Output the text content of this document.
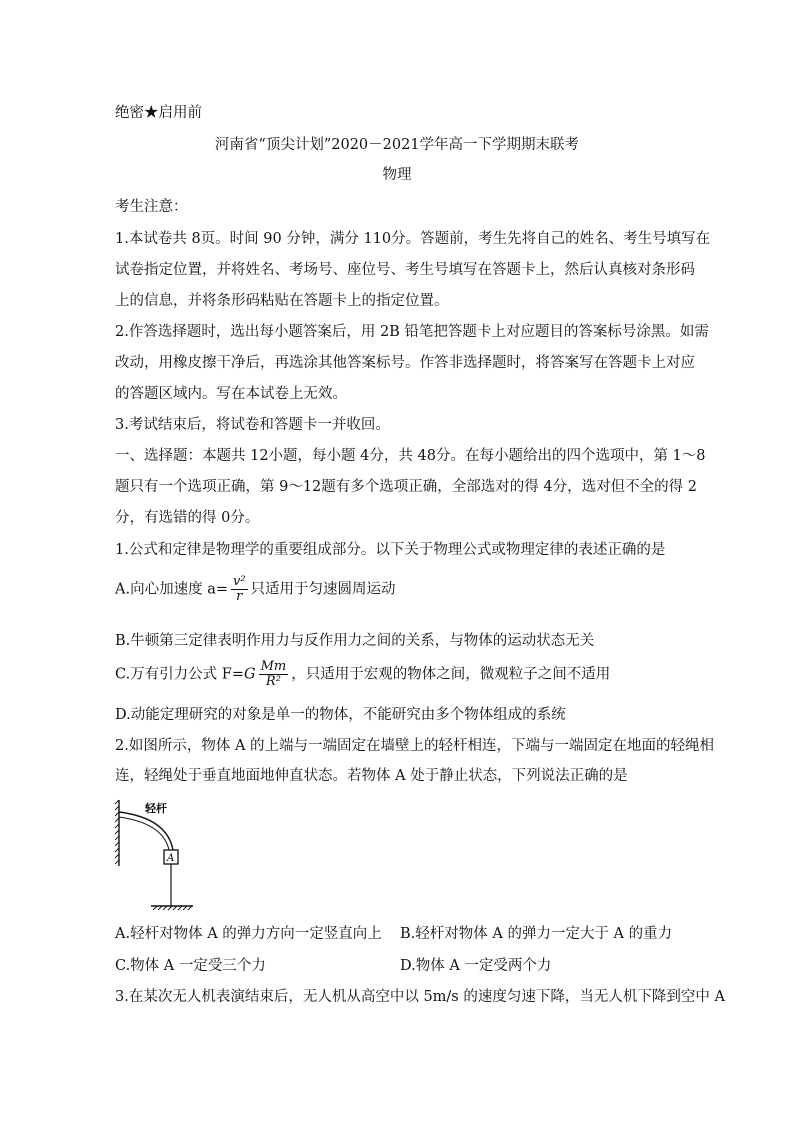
绝密★启用前
河南省“顶尖计划”2020－2021学年高一下学期期末联考
物理
考生注意：
1.本试卷共 8页。时间 90 分钟，满分 110分。答题前，考生先将自己的姓名、考生号填写在
试卷指定位置，并将姓名、考场号、座位号、考生号填写在答题卡上，然后认真核对条形码
上的信息，并将条形码粘贴在答题卡上的指定位置。
2.作答选择题时，选出每小题答案后，用 2B 铅笔把答题卡上对应题目的答案标号涂黑。如需
改动，用橡皮擦干净后，再选涂其他答案标号。作答非选择题时，将答案写在答题卡上对应
的答题区域内。写在本试卷上无效。
3.考试结束后，将试卷和答题卡一并收回。
一、选择题：本题共 12小题，每小题 4分，共 48分。在每小题给出的四个选项中，第 1～8
题只有一个选项正确，第 9～12题有多个选项正确，全部选对的得 4分，选对但不全的得 2
分，有选错的得 0分。
1.公式和定律是物理学的重要组成部分。以下关于物理公式或物理定律的表述正确的是
A.向心加速度 $a= \frac{\text{v²}}{r}$ 只适用于匀速圆周运动
B.牛顿第三定律表明作用力与反作用力之间的关系，与物体的运动状态无关
C.万有引力公式 $F=G \frac{Mm}{\text{R²}}$ ，只适用于宏观的物体之间，微观粒子之间不适用
D.动能定理研究的对象是单一的物体，不能研究由多个物体组成的系统
2.如图所示，物体 A 的上端与一端固定在墙壁上的轻杆相连，下端与一端固定在地面的轻绳相
连，轻绳处于垂直地面地伸直状态。若物体 A 处于静止状态，下列说法正确的是
轻杆
A
A.轻杆对物体 A 的弹力方向一定竖直向上 B.轻杆对物体 A 的弹力一定大于 A 的重力
C.物体 A 一定受三个力	D.物体 A 一定受两个力
3.在某次无人机表演结束后，无人机从高空中以 5m/s 的速度匀速下降，当无人机下降到空中 A
